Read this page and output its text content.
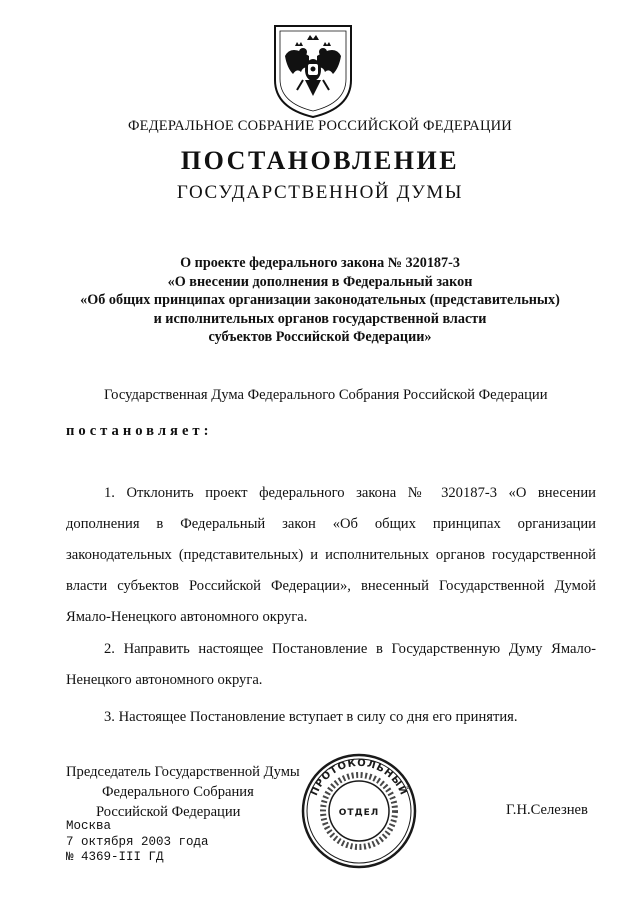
ФЕДЕРАЛЬНОЕ СОБРАНИЕ РОССИЙСКОЙ ФЕДЕРАЦИИ
ПОСТАНОВЛЕНИЕ
ГОСУДАРСТВЕННОЙ ДУМЫ
О проекте федерального закона № 320187-3
«О внесении дополнения в Федеральный закон
«Об общих принципах организации законодательных (представительных)
и исполнительных органов государственной власти
субъектов Российской Федерации»
Государственная Дума Федерального Собрания Российской Федерации
постановляет:
1. Отклонить проект федерального закона № 320187-3 «О внесении дополнения в Федеральный закон «Об общих принципах организации законодательных (представительных) и исполнительных органов государственной власти субъектов Российской Федерации», внесенный Государственной Думой Ямало-Ненецкого автономного округа.
2. Направить настоящее Постановление в Государственную Думу Ямало-Ненецкого автономного округа.
3. Настоящее Постановление вступает в силу со дня его принятия.
Председатель Государственной Думы
Федерального Собрания
Российской Федерации
ПРОТОКОЛЬНЫЙ
ОТДЕЛ	Г.Н.Селезнев
Москва
7 октября 2003 года
№ 4369-III ГД
